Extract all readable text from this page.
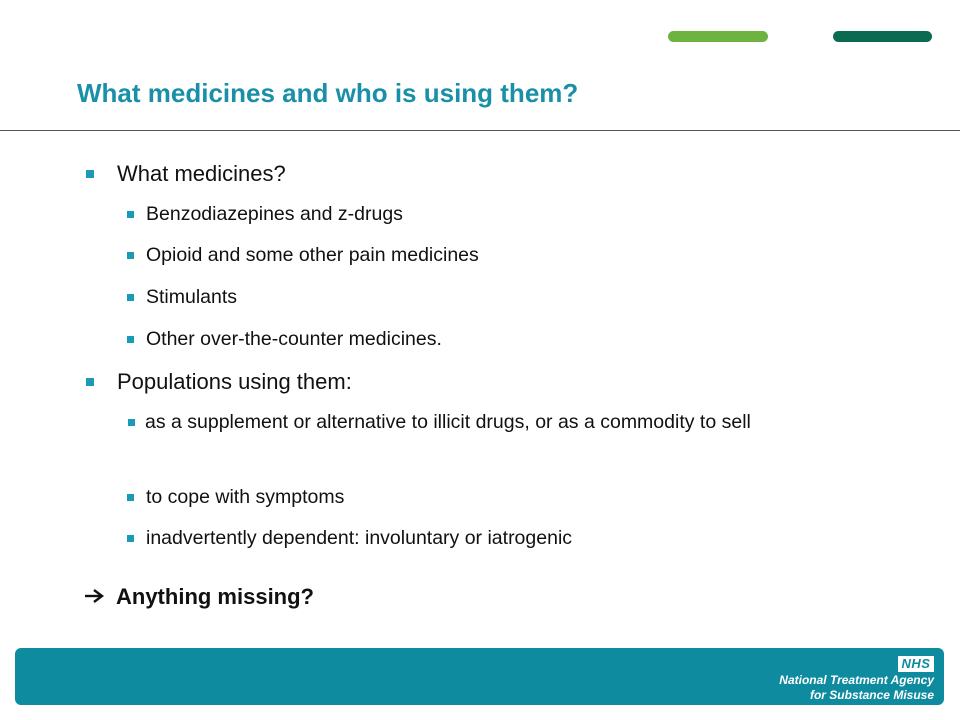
What medicines and who is using them?
What medicines?
Benzodiazepines and z-drugs
Opioid and some other pain medicines
Stimulants
Other over-the-counter medicines.
Populations using them:
as a supplement or alternative to illicit drugs, or as a commodity to sell
to cope with symptoms
inadvertently dependent: involuntary or iatrogenic
Anything missing?
NHS
National Treatment Agency
for Substance Misuse
